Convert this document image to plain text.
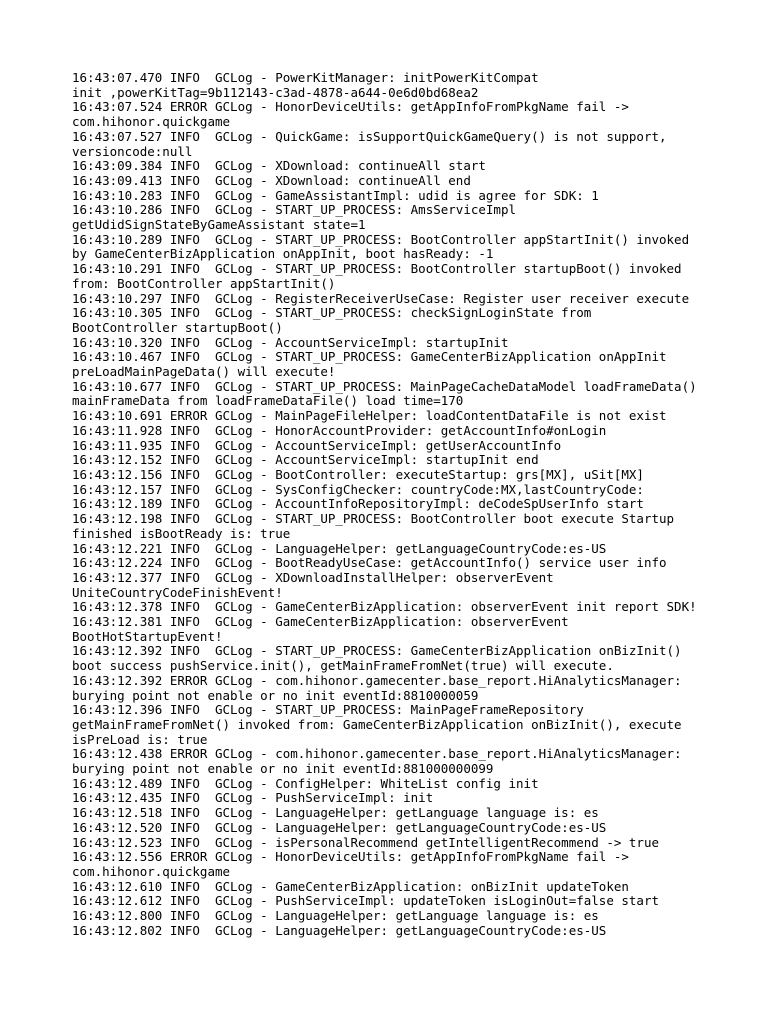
16:43:07.470 INFO  GCLog - PowerKitManager: initPowerKitCompat
init ,powerKitTag=9b112143-c3ad-4878-a644-0e6d0bd68ea2
16:43:07.524 ERROR GCLog - HonorDeviceUtils: getAppInfoFromPkgName fail ->
com.hihonor.quickgame
16:43:07.527 INFO  GCLog - QuickGame: isSupportQuickGameQuery() is not support,
versioncode:null
16:43:09.384 INFO  GCLog - XDownload: continueAll start
16:43:09.413 INFO  GCLog - XDownload: continueAll end
16:43:10.283 INFO  GCLog - GameAssistantImpl: udid is agree for SDK: 1
16:43:10.286 INFO  GCLog - START_UP_PROCESS: AmsServiceImpl
getUdidSignStateByGameAssistant state=1
16:43:10.289 INFO  GCLog - START_UP_PROCESS: BootController appStartInit() invoked
by GameCenterBizApplication onAppInit, boot hasReady: -1
16:43:10.291 INFO  GCLog - START_UP_PROCESS: BootController startupBoot() invoked
from: BootController appStartInit()
16:43:10.297 INFO  GCLog - RegisterReceiverUseCase: Register user receiver execute
16:43:10.305 INFO  GCLog - START_UP_PROCESS: checkSignLoginState from
BootController startupBoot()
16:43:10.320 INFO  GCLog - AccountServiceImpl: startupInit
16:43:10.467 INFO  GCLog - START_UP_PROCESS: GameCenterBizApplication onAppInit
preLoadMainPageData() will execute!
16:43:10.677 INFO  GCLog - START_UP_PROCESS: MainPageCacheDataModel loadFrameData()
mainFrameData from loadFrameDataFile() load time=170
16:43:10.691 ERROR GCLog - MainPageFileHelper: loadContentDataFile is not exist
16:43:11.928 INFO  GCLog - HonorAccountProvider: getAccountInfo#onLogin
16:43:11.935 INFO  GCLog - AccountServiceImpl: getUserAccountInfo
16:43:12.152 INFO  GCLog - AccountServiceImpl: startupInit end
16:43:12.156 INFO  GCLog - BootController: executeStartup: grs[MX], uSit[MX]
16:43:12.157 INFO  GCLog - SysConfigChecker: countryCode:MX,lastCountryCode:
16:43:12.189 INFO  GCLog - AccountInfoRepositoryImpl: deCodeSpUserInfo start
16:43:12.198 INFO  GCLog - START_UP_PROCESS: BootController boot execute Startup
finished isBootReady is: true
16:43:12.221 INFO  GCLog - LanguageHelper: getLanguageCountryCode:es-US
16:43:12.224 INFO  GCLog - BootReadyUseCase: getAccountInfo() service user info
16:43:12.377 INFO  GCLog - XDownloadInstallHelper: observerEvent
UniteCountryCodeFinishEvent!
16:43:12.378 INFO  GCLog - GameCenterBizApplication: observerEvent init report SDK!
16:43:12.381 INFO  GCLog - GameCenterBizApplication: observerEvent
BootHotStartupEvent!
16:43:12.392 INFO  GCLog - START_UP_PROCESS: GameCenterBizApplication onBizInit()
boot success pushService.init(), getMainFrameFromNet(true) will execute.
16:43:12.392 ERROR GCLog - com.hihonor.gamecenter.base_report.HiAnalyticsManager:
burying point not enable or no init eventId:8810000059
16:43:12.396 INFO  GCLog - START_UP_PROCESS: MainPageFrameRepository
getMainFrameFromNet() invoked from: GameCenterBizApplication onBizInit(), execute
isPreLoad is: true
16:43:12.438 ERROR GCLog - com.hihonor.gamecenter.base_report.HiAnalyticsManager:
burying point not enable or no init eventId:881000000099
16:43:12.489 INFO  GCLog - ConfigHelper: WhiteList config init
16:43:12.435 INFO  GCLog - PushServiceImpl: init
16:43:12.518 INFO  GCLog - LanguageHelper: getLanguage language is: es
16:43:12.520 INFO  GCLog - LanguageHelper: getLanguageCountryCode:es-US
16:43:12.523 INFO  GCLog - isPersonalRecommend getIntelligentRecommend -> true
16:43:12.556 ERROR GCLog - HonorDeviceUtils: getAppInfoFromPkgName fail ->
com.hihonor.quickgame
16:43:12.610 INFO  GCLog - GameCenterBizApplication: onBizInit updateToken
16:43:12.612 INFO  GCLog - PushServiceImpl: updateToken isLoginOut=false start
16:43:12.800 INFO  GCLog - LanguageHelper: getLanguage language is: es
16:43:12.802 INFO  GCLog - LanguageHelper: getLanguageCountryCode:es-US
